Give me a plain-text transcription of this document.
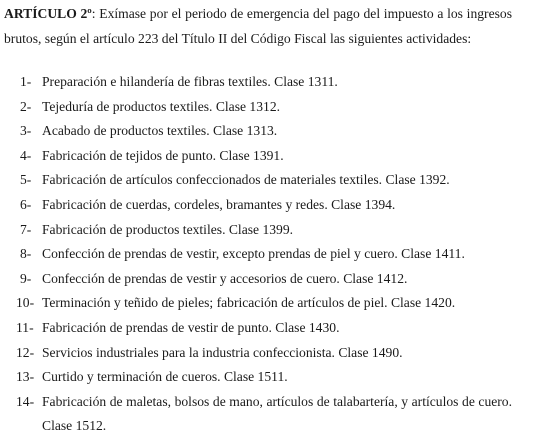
ARTÍCULO 2º: Exímase por el periodo de emergencia del pago del impuesto a los ingresos brutos, según el artículo 223 del Título II del Código Fiscal las siguientes actividades:

1- Preparación e hilandería de fibras textiles. Clase 1311.
2- Tejeduría de productos textiles. Clase 1312.
3- Acabado de productos textiles. Clase 1313.
4- Fabricación de tejidos de punto. Clase 1391.
5- Fabricación de artículos confeccionados de materiales textiles. Clase 1392.
6- Fabricación de cuerdas, cordeles, bramantes y redes. Clase 1394.
7- Fabricación de productos textiles. Clase 1399.
8- Confección de prendas de vestir, excepto prendas de piel y cuero. Clase 1411.
9- Confección de prendas de vestir y accesorios de cuero. Clase 1412.
10- Terminación y teñido de pieles; fabricación de artículos de piel. Clase 1420.
11- Fabricación de prendas de vestir de punto. Clase 1430.
12- Servicios industriales para la industria confeccionista. Clase 1490.
13- Curtido y terminación de cueros. Clase 1511.
14- Fabricación de maletas, bolsos de mano, artículos de talabartería, y artículos de cuero. Clase 1512.
